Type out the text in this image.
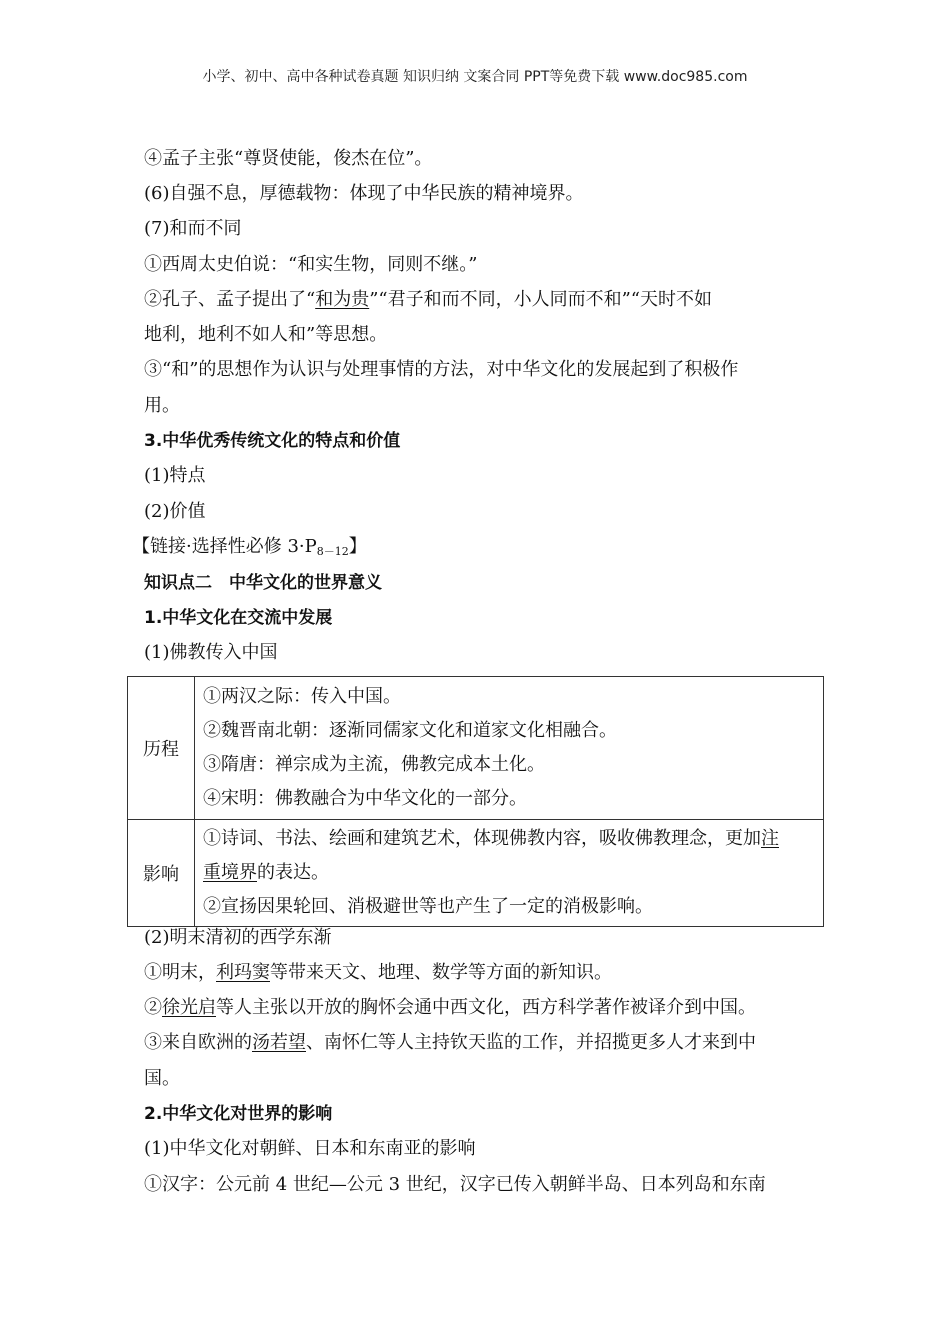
小学、初中、高中各种试卷真题 知识归纳 文案合同 PPT等免费下载 www.doc985.com
④孟子主张“尊贤使能，俊杰在位”。
(6)自强不息，厚德载物：体现了中华民族的精神境界。
(7)和而不同
①西周太史伯说：“和实生物，同则不继。”
②孔子、孟子提出了“和为贵”“君子和而不同，小人同而不和”“天时不如
地利，地利不如人和”等思想。
③“和”的思想作为认识与处理事情的方法，对中华文化的发展起到了积极作
用。
3.中华优秀传统文化的特点和价值
(1)特点
(2)价值
【链接·选择性必修 $3\cdot P_{8-12}$】
知识点二　中华文化的世界意义
1.中华文化在交流中发展
(1)佛教传入中国
历程	①两汉之际：传入中国。
②魏晋南北朝：逐渐同儒家文化和道家文化相融合。
③隋唐：禅宗成为主流，佛教完成本土化。
④宋明：佛教融合为中华文化的一部分。

影响	①诗词、书法、绘画和建筑艺术，体现佛教内容，吸收佛教理念，更加注
重境界的表达。
②宣扬因果轮回、消极避世等也产生了一定的消极影响。
(2)明末清初的西学东渐
①明末，利玛窦等带来天文、地理、数学等方面的新知识。
②徐光启等人主张以开放的胸怀会通中西文化，西方科学著作被译介到中国。
③来自欧洲的汤若望、南怀仁等人主持钦天监的工作，并招揽更多人才来到中
国。
2.中华文化对世界的影响
(1)中华文化对朝鲜、日本和东南亚的影响
①汉字：公元前 4 世纪—公元 3 世纪，汉字已传入朝鲜半岛、日本列岛和东南
